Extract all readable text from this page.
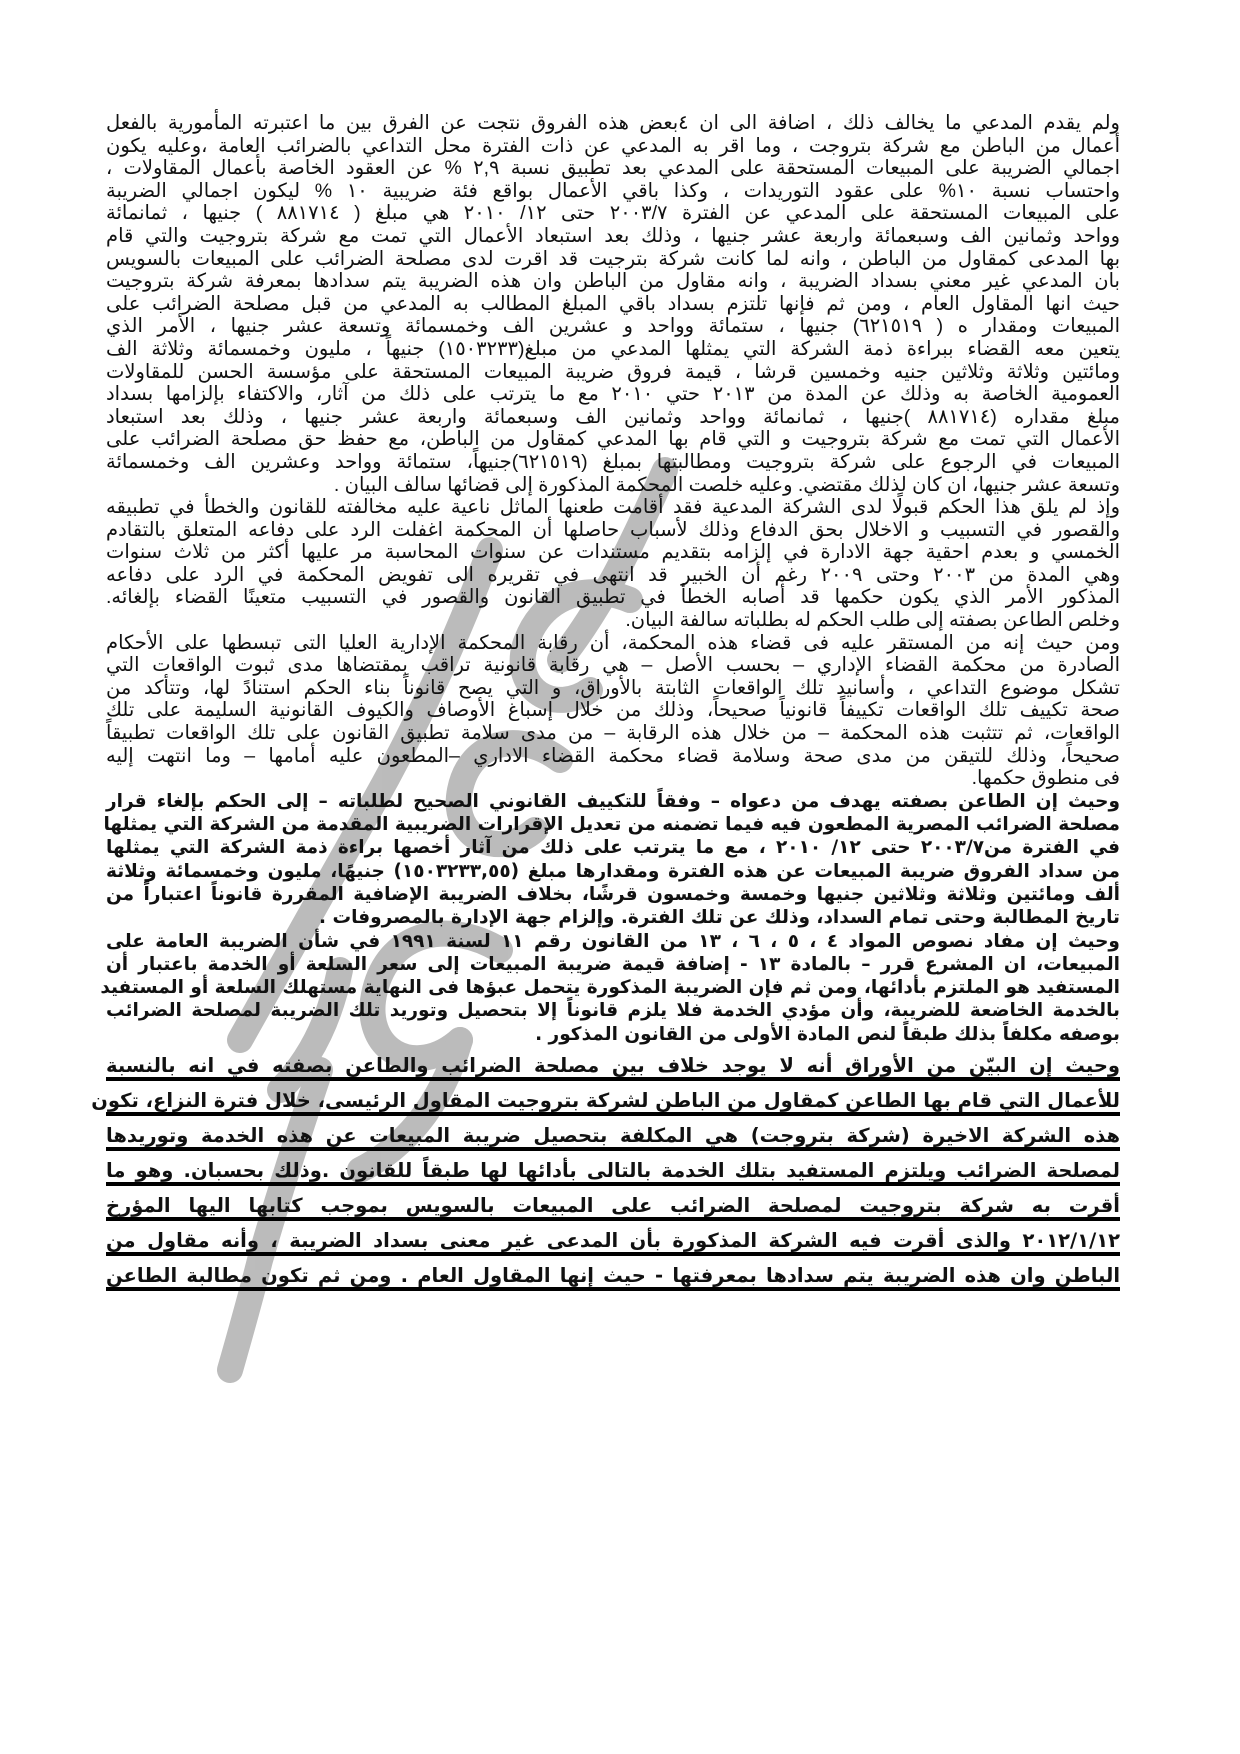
ولم يقدم المدعي ما يخالف ذلك ، اضافة الى ان ٤بعض هذه الفروق نتجت عن الفرق بين ما اعتبرته المأمورية بالفعل
أعمال من الباطن مع شركة بتروجت ، وما اقر به المدعي عن ذات الفترة محل التداعي بالضرائب العامة ،وعليه يكون
اجمالي الضريبة على المبيعات المستحقة على المدعي بعد تطبيق نسبة ٢,٩ % عن العقود الخاصة بأعمال المقاولات ،
واحتساب نسبة ١٠% على عقود التوريدات ، وكذا باقي الأعمال بواقع فئة ضريبية ١٠ % ليكون اجمالي الضريبة
على المبيعات المستحقة على المدعي عن الفترة ٢٠٠٣/٧ حتى ١٢/ ٢٠١٠ هي مبلغ ( ٨٨١٧١٤ ) جنيها ، ثمانمائة
وواحد وثمانين الف وسبعمائة واربعة عشر جنيها ، وذلك بعد استبعاد الأعمال التي تمت مع شركة بتروجيت والتي قام
بها المدعى كمقاول من الباطن ، وانه لما كانت شركة بترجيت قد اقرت لدى مصلحة الضرائب على المبيعات بالسويس
بان المدعي غير معني بسداد الضريبة ، وانه مقاول من الباطن وان هذه الضريبة يتم سدادها بمعرفة شركة بتروجيت
حيث انها المقاول العام ، ومن ثم فإنها تلتزم بسداد باقي المبلغ المطالب به المدعي من قبل مصلحة الضرائب على
المبيعات ومقدار ه ( ٦٢١٥١٩) جنيها ، ستمائة وواحد و عشرين الف وخمسمائة وتسعة عشر جنيها ، الأمر الذي
يتعين معه القضاء ببراءة ذمة الشركة التي يمثلها المدعي من مبلغ(١٥٠٣٢٣٣) جنيهاً ، مليون وخمسمائة وثلاثة الف
ومائتين وثلاثة وثلاثين جنيه وخمسين قرشا ، قيمة فروق ضريبة المبيعات المستحقة على مؤسسة الحسن للمقاولات
العمومية الخاصة به وذلك عن المدة من ٢٠١٣ حتي ٢٠١٠ مع ما يترتب على ذلك من آثار، والاكتفاء بإلزامها بسداد
مبلغ مقداره (٨٨١٧١٤ )جنيها ، ثمانمائة وواحد وثمانين الف وسبعمائة واربعة عشر جنيها ، وذلك بعد استبعاد
الأعمال التي تمت مع شركة بتروجيت و التي قام بها المدعي كمقاول من الباطن، مع حفظ حق مصلحة الضرائب على
المبيعات في الرجوع على شركة بتروجيت ومطالبتها بمبلغ (٦٢١٥١٩)جنيهاً، ستمائة وواحد وعشرين الف وخمسمائة
وتسعة عشر جنيها، ان كان لذلك مقتضي. وعليه خلصت المحكمة المذكورة إلى قضائها سالف البيان .
وإذ لم يلق هذا الحكم قبولًا لدى الشركة المدعية فقد أقامت طعنها الماثل ناعية عليه مخالفته للقانون والخطأ في تطبيقه
والقصور في التسبيب و الاخلال بحق الدفاع وذلك لأسباب حاصلها أن المحكمة اغفلت الرد على دفاعه المتعلق بالتقادم
الخمسي و بعدم احقية جهة الادارة في إلزامه بتقديم مستندات عن سنوات المحاسبة مر عليها أكثر من ثلاث سنوات
وهي المدة من ٢٠٠٣ وحتى ٢٠٠٩ رغم أن الخبير قد انتهى في تقريره الى تفويض المحكمة في الرد على دفاعه
المذكور الأمر الذي يكون حكمها قد أصابه الخطأ في تطبيق القانون والقصور في التسبيب متعينًا القضاء بإلغائه.
وخلص الطاعن بصفته إلى طلب الحكم له بطلباته سالفة البيان.
ومن حيث إنه من المستقر عليه فى قضاء هذه المحكمة، أن رقابة المحكمة الإدارية العليا التى تبسطها على الأحكام
الصادرة من محكمة القضاء الإداري – بحسب الأصل – هي رقابة قانونية تراقب بمقتضاها مدى ثبوت الواقعات التي
تشكل موضوع التداعي ، وأسانيد تلك الواقعات الثابتة بالأوراق، و التي يصح قانوناً بناء الحكم استنادً لها، وتتأكد من
صحة تكييف تلك الواقعات تكييفاً قانونياً صحيحاً، وذلك من خلال إسباغ الأوصاف والكيوف القانونية السليمة على تلك
الواقعات، ثم تتثبت هذه المحكمة – من خلال هذه الرقابة – من مدى سلامة تطبيق القانون على تلك الواقعات تطبيقاً
صحيحاً، وذلك للتيقن من مدى صحة وسلامة قضاء محكمة القضاء الاداري –المطعون عليه أمامها – وما انتهت إليه
فى منطوق حكمها.
وحيث إن الطاعن بصفته يهدف من دعواه – وفقاً للتكييف القانوني الصحيح لطلباته – إلى الحكم بإلغاء قرار
مصلحة الضرائب المصرية المطعون فيه فيما تضمنه من تعديل الإقرارات الضريبية المقدمة من الشركة التي يمثلها
في الفترة من٢٠٠٣/٧ حتى ١٢/ ٢٠١٠ ، مع ما يترتب على ذلك من آثار أخصها براءة ذمة الشركة التي يمثلها
من سداد الفروق ضريبة المبيعات عن هذه الفترة ومقدارها مبلغ (١٥٠٣٢٣٣,٥٥) جنيهًا، مليون وخمسمائة وثلاثة
ألف ومائتين وثلاثة وثلاثين جنيها وخمسة وخمسون قرشًا، بخلاف الضريبة الإضافية المقررة قانوناً اعتباراً من
تاريخ المطالبة وحتى تمام السداد، وذلك عن تلك الفترة. وإلزام جهة الإدارة بالمصروفات .
وحيث إن مفاد نصوص المواد ٤ ، ٥ ، ٦ ، ١٣ من القانون رقم ١١ لسنة ١٩٩١ في شأن الضريبة العامة على
المبيعات، ان المشرع قرر – بالمادة ١٣ - إضافة قيمة ضريبة المبيعات إلى سعر السلعة أو الخدمة باعتبار أن
المستفيد هو الملتزم بأدائها، ومن ثم فإن الضريبة المذكورة يتحمل عبؤها فى النهاية مستهلك السلعة أو المستفيد
بالخدمة الخاضعة للضريبة، وأن مؤدي الخدمة فلا يلزم قانوناً إلا بتحصيل وتوريد تلك الضريبة لمصلحة الضرائب
بوصفه مكلفاً بذلك طبقاً لنص المادة الأولى من القانون المذكور .
وحيث إن البيّن من الأوراق أنه لا يوجد خلاف بين مصلحة الضرائب والطاعن بصفته في انه بالنسبة
للأعمال التي قام بها الطاعن كمقاول من الباطن لشركة بتروجيت المقاول الرئيسى، خلال فترة النزاع، تكون
هذه الشركة الاخيرة (شركة بتروجت) هي المكلفة بتحصيل ضريبة المبيعات عن هذه الخدمة وتوريدها
لمصلحة الضرائب ويلتزم المستفيد بتلك الخدمة بالتالى بأدائها لها طبقاً للقانون .وذلك بحسبان. وهو ما
أقرت به شركة بتروجيت لمصلحة الضرائب على المبيعات بالسويس بموجب كتابها اليها المؤرخ
٢٠١٢/١/١٢ والذى أقرت فيه الشركة المذكورة بأن المدعى غير معنى بسداد الضريبة ، وأنه مقاول من
الباطن وان هذه الضريبة يتم سدادها بمعرفتها - حيث إنها المقاول العام . ومن ثم تكون مطالبة الطاعن
